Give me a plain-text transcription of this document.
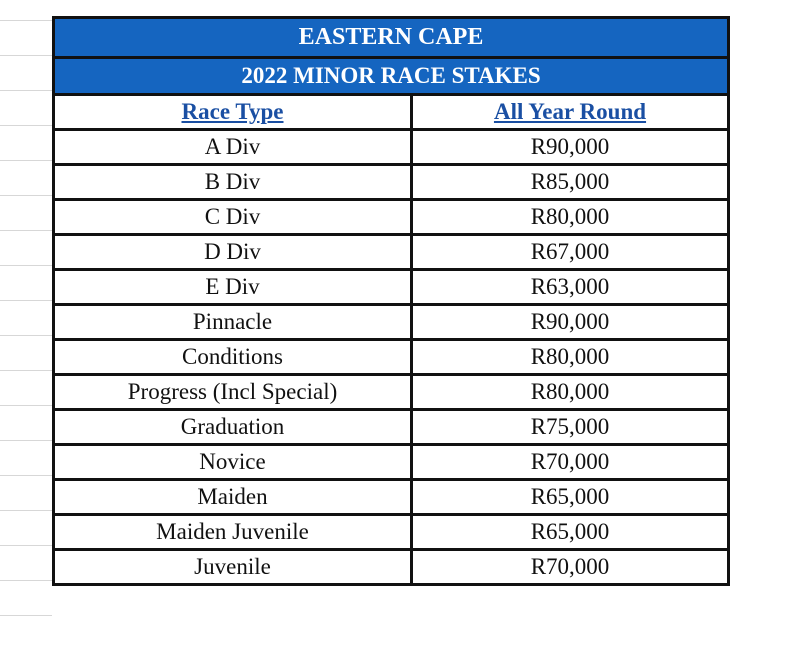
EASTERN CAPE
2022 MINOR RACE STAKES
Race Type	All Year Round
A Div	R90,000
B Div	R85,000
C Div	R80,000
D Div	R67,000
E Div	R63,000
Pinnacle	R90,000
Conditions	R80,000
Progress (Incl Special)	R80,000
Graduation	R75,000
Novice	R70,000
Maiden	R65,000
Maiden Juvenile	R65,000
Juvenile	R70,000
